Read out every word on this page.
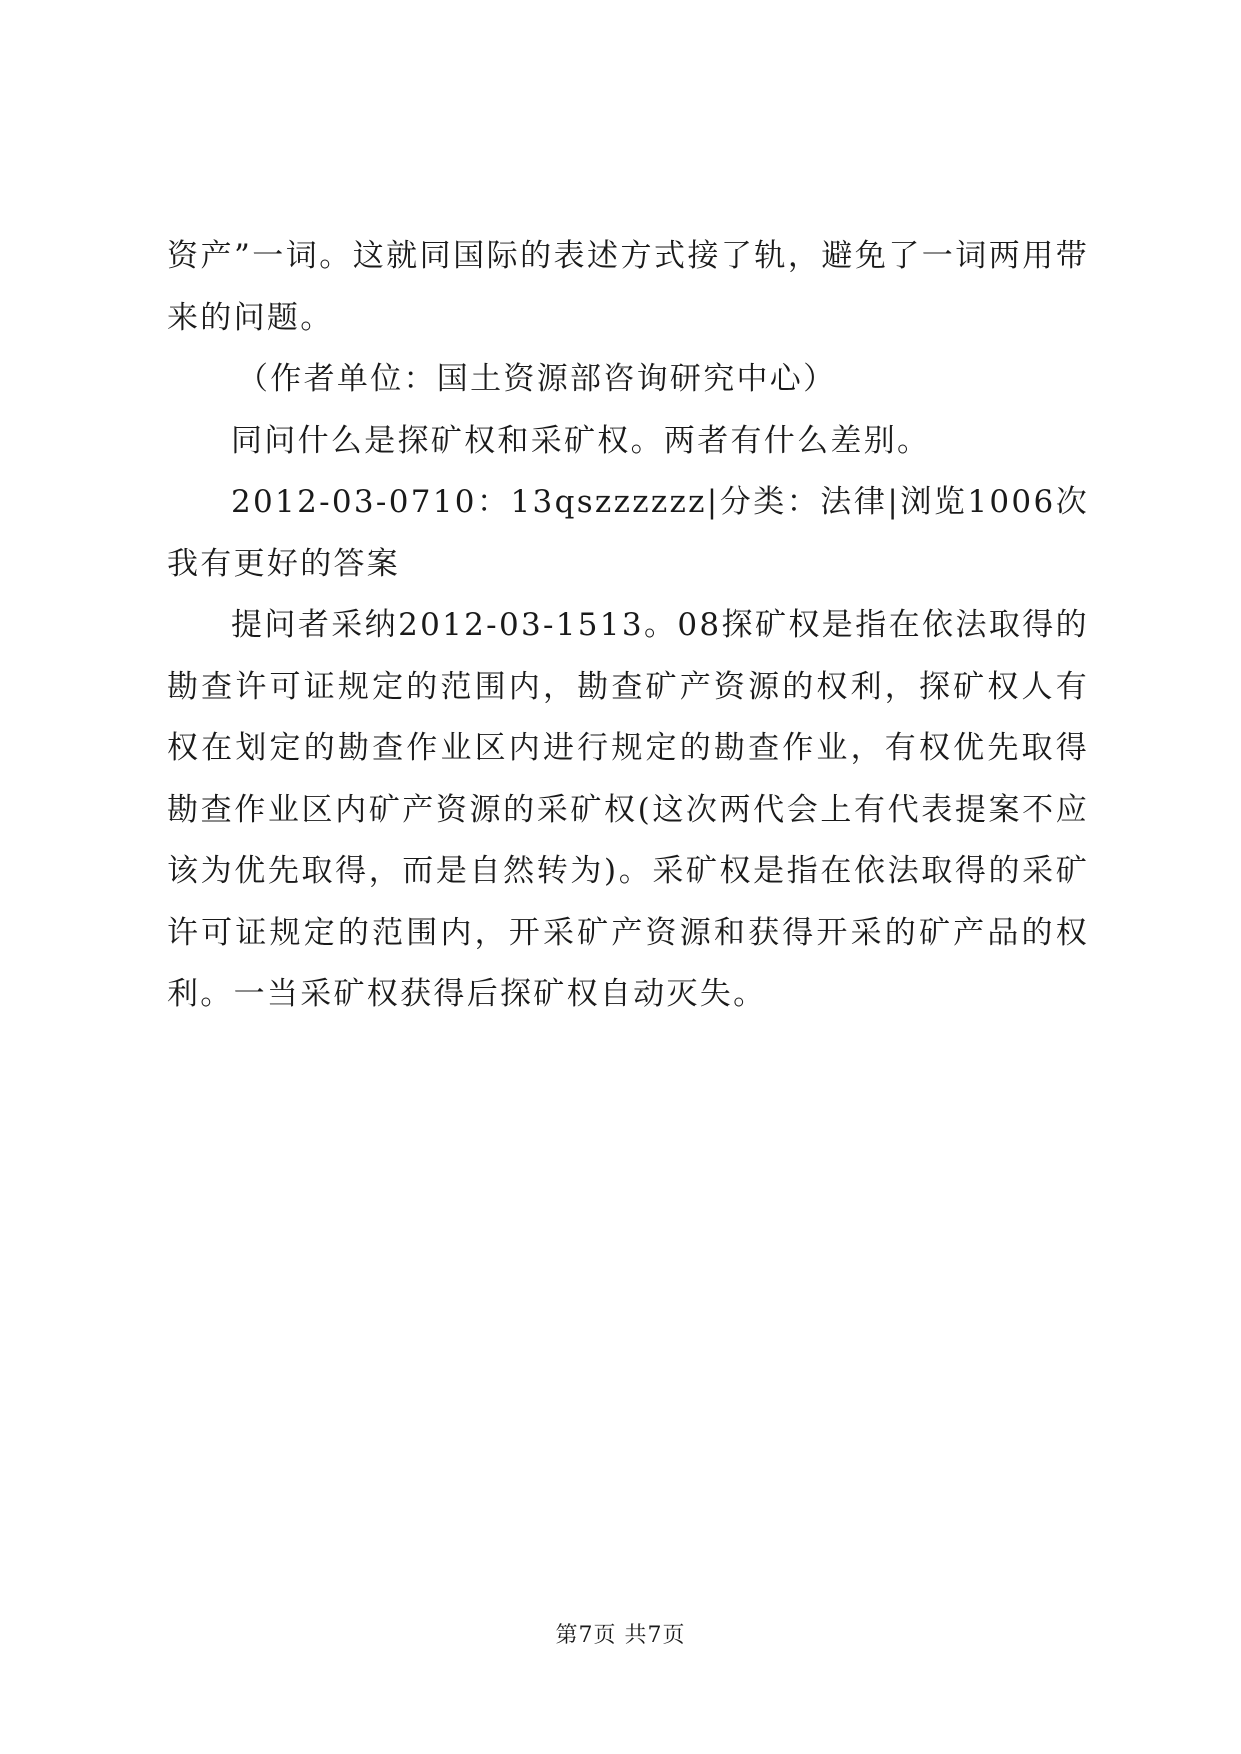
资产”一词。这就同国际的表述方式接了轨，避免了一词两用带来的问题。

（作者单位：国土资源部咨询研究中心）

同问什么是探矿权和采矿权。两者有什么差别。

2012-03-0710：13qszzzzzz|分类：法律|浏览1006次我有更好的答案

提问者采纳2012-03-1513。08探矿权是指在依法取得的勘查许可证规定的范围内，勘查矿产资源的权利，探矿权人有权在划定的勘查作业区内进行规定的勘查作业，有权优先取得勘查作业区内矿产资源的采矿权(这次两代会上有代表提案不应该为优先取得，而是自然转为)。采矿权是指在依法取得的采矿许可证规定的范围内，开采矿产资源和获得开采的矿产品的权利。一当采矿权获得后探矿权自动灭失。

第7页 共7页
